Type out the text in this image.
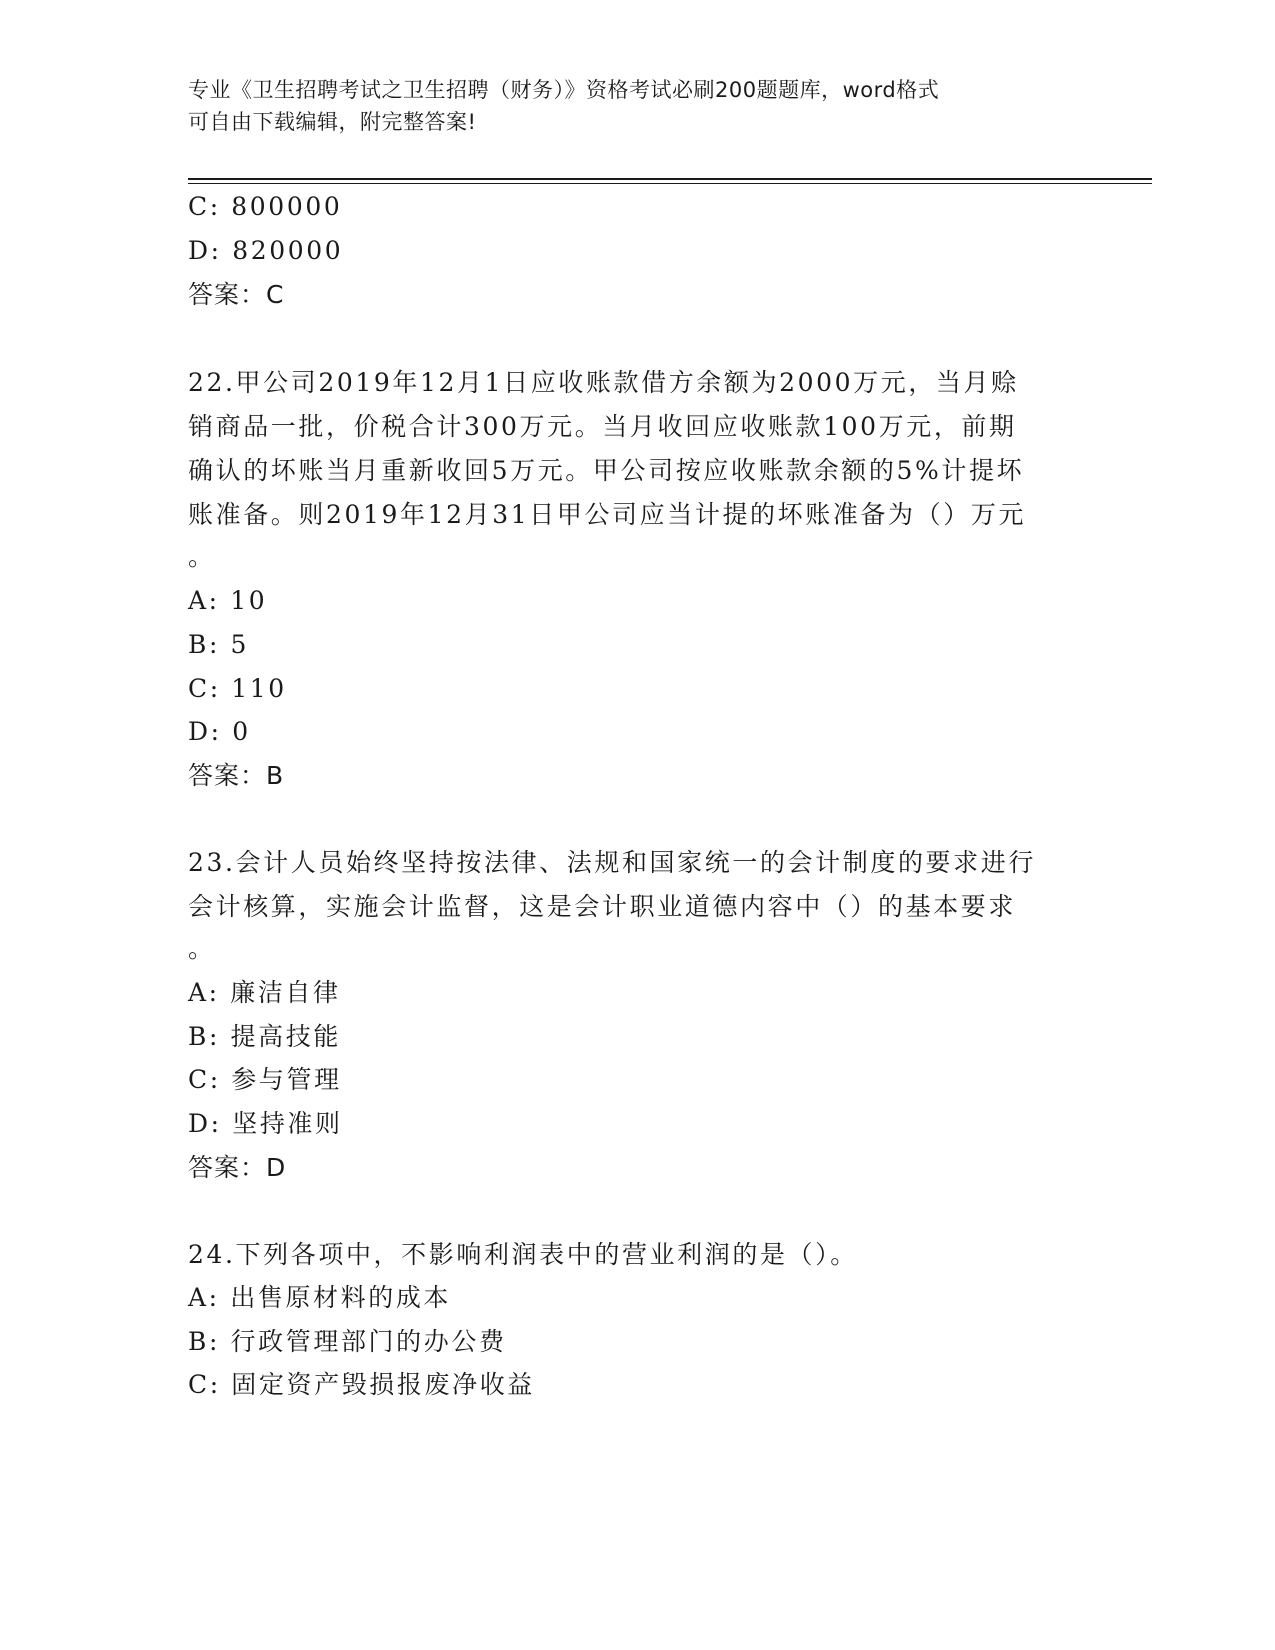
专业《卫生招聘考试之卫生招聘（财务）》资格考试必刷200题题库，word格式
可自由下载编辑，附完整答案!
C: 800000
D: 820000
答案：C
22.甲公司2019年12月1日应收账款借方余额为2000万元，当月赊
销商品一批，价税合计300万元。当月收回应收账款100万元，前期
确认的坏账当月重新收回5万元。甲公司按应收账款余额的5%计提坏
账准备。则2019年12月31日甲公司应当计提的坏账准备为（）万元
。
A: 10
B: 5
C: 110
D: 0
答案：B
23.会计人员始终坚持按法律、法规和国家统一的会计制度的要求进行
会计核算，实施会计监督，这是会计职业道德内容中（）的基本要求
。
A: 廉洁自律
B: 提高技能
C: 参与管理
D: 坚持准则
答案：D
24.下列各项中，不影响利润表中的营业利润的是（）。
A: 出售原材料的成本
B: 行政管理部门的办公费
C: 固定资产毁损报废净收益
